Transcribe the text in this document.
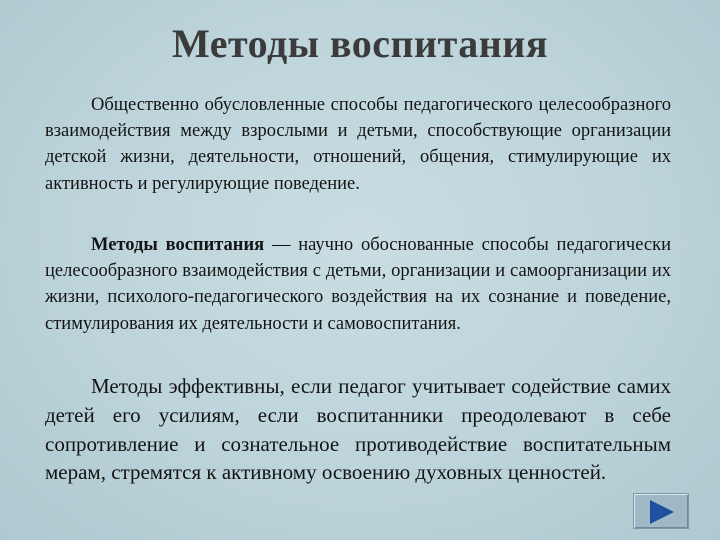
Методы воспитания

Общественно обусловленные способы педагогического целесообразного взаимодействия между взрослыми и детьми, способствующие организации детской жизни, деятельности, отношений, общения, стимулирующие их активность и регулирующие поведение.

Методы воспитания — научно обоснованные способы педагогически целесообразного взаимодействия с детьми, организации и самоорганизации их жизни, психолого-педагогического воздействия на их сознание и поведение, стимулирования их деятельности и самовоспитания.

Методы эффективны, если педагог учитывает содействие самих детей его усилиям, если воспитанники преодолевают в себе сопротивление и сознательное противодействие воспитательным мерам, стремятся к активному освоению духовных ценностей.
